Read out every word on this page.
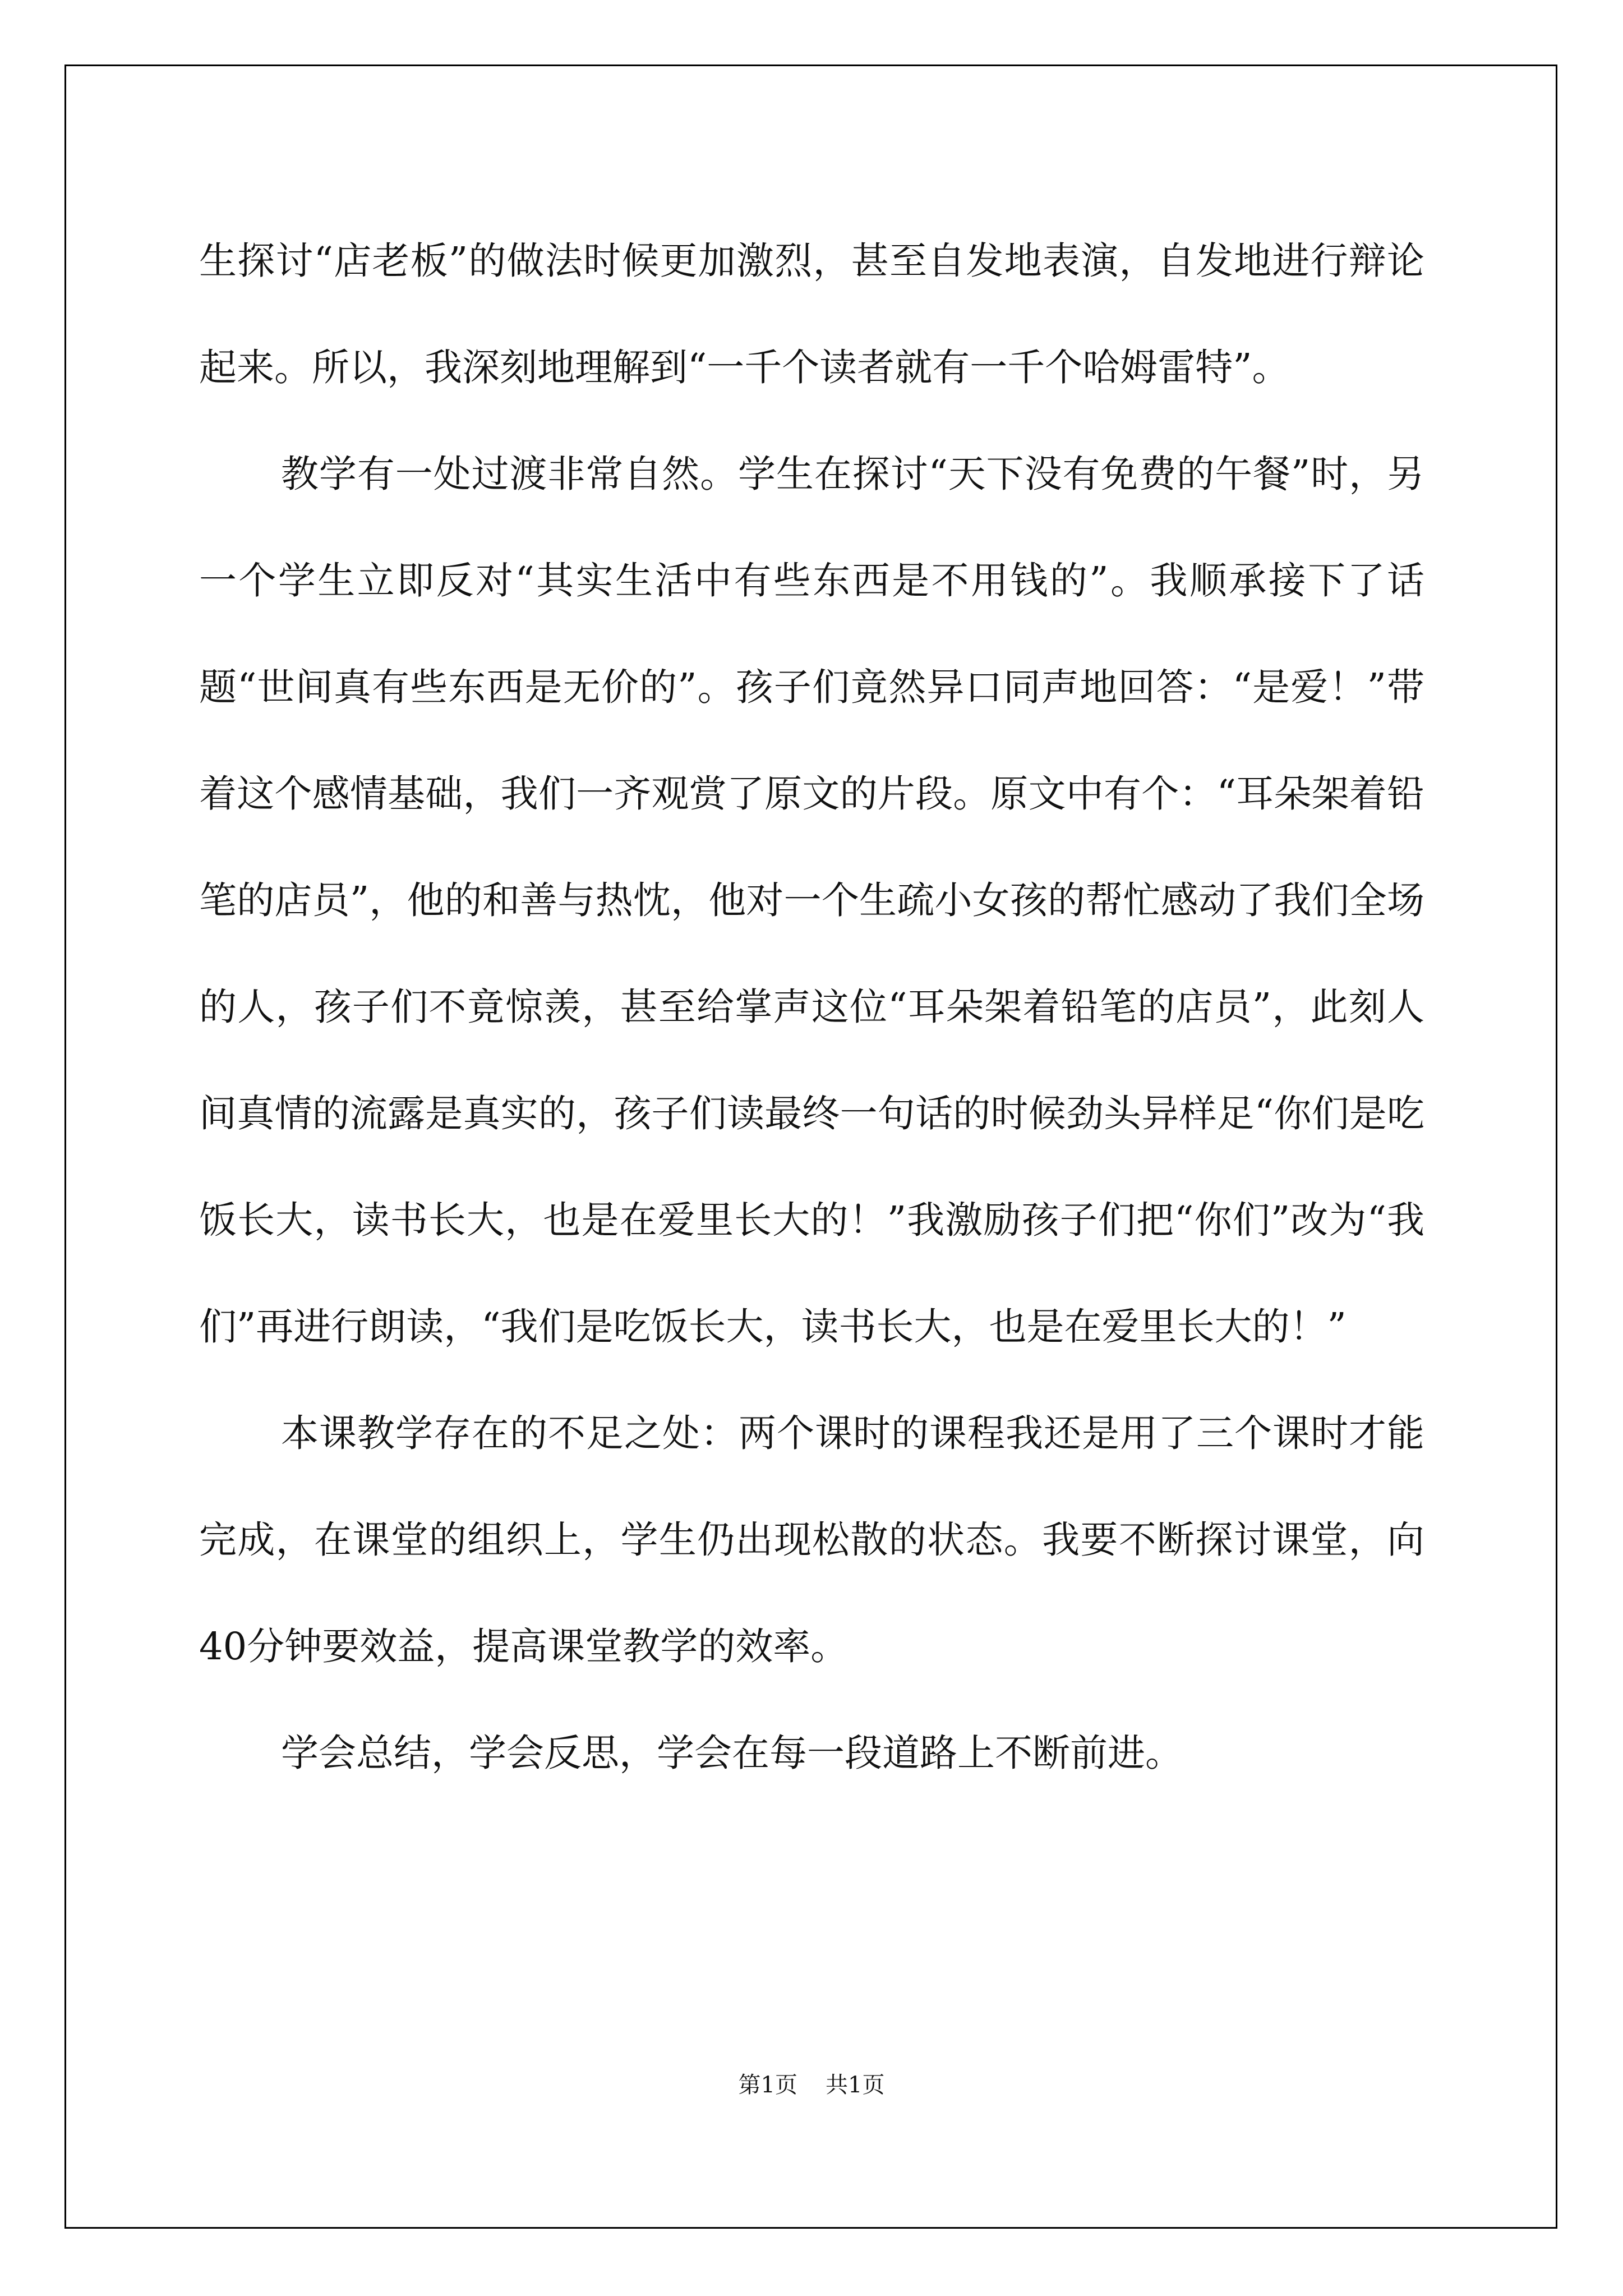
生探讨“店老板”的做法时候更加激烈，甚至自发地表演，自发地进行辩论起来。所以，我深刻地理解到“一千个读者就有一千个哈姆雷特”。

教学有一处过渡非常自然。学生在探讨“天下没有免费的午餐”时，另一个学生立即反对“其实生活中有些东西是不用钱的”。我顺承接下了话题“世间真有些东西是无价的”。孩子们竟然异口同声地回答：“是爱！”带着这个感情基础，我们一齐观赏了原文的片段。原文中有个：“耳朵架着铅笔的店员”，他的和善与热忱，他对一个生疏小女孩的帮忙感动了我们全场的人，孩子们不竟惊羡，甚至给掌声这位“耳朵架着铅笔的店员”，此刻人间真情的流露是真实的，孩子们读最终一句话的时候劲头异样足“你们是吃饭长大，读书长大，也是在爱里长大的！”我激励孩子们把“你们”改为“我们”再进行朗读，“我们是吃饭长大，读书长大，也是在爱里长大的！”

本课教学存在的不足之处：两个课时的课程我还是用了三个课时才能完成，在课堂的组织上，学生仍出现松散的状态。我要不断探讨课堂，向40分钟要效益，提高课堂教学的效率。

学会总结，学会反思，学会在每一段道路上不断前进。

第1页 共1页
